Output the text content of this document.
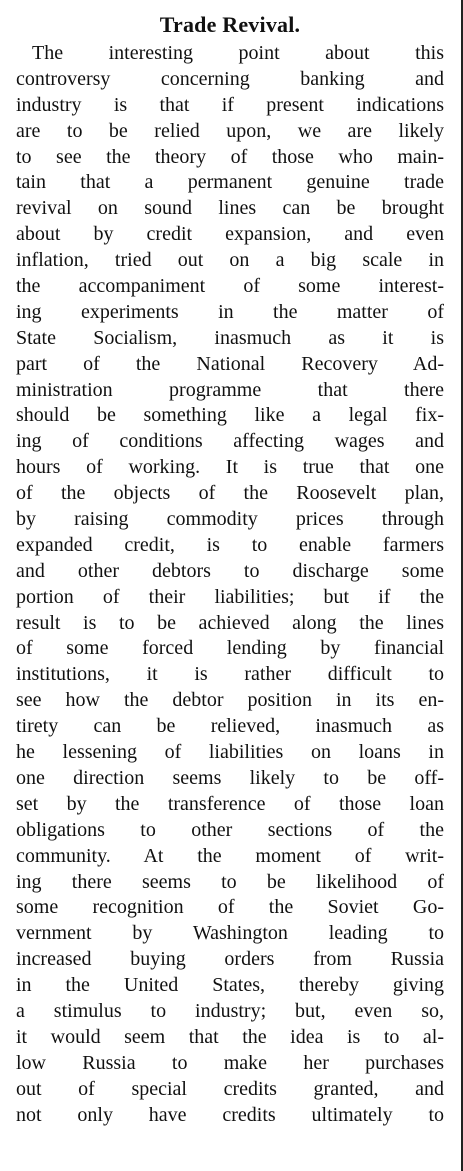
Trade Revival.
The interesting point about this
controversy concerning banking and
industry is that if present indications
are to be relied upon, we are likely
to see the theory of those who main-
tain that a permanent genuine trade
revival on sound lines can be brought
about by credit expansion, and even
inflation, tried out on a big scale in
the accompaniment of some interest-
ing experiments in the matter of
State Socialism, inasmuch as it is
part of the National Recovery Ad-
ministration programme that there
should be something like a legal fix-
ing of conditions affecting wages and
hours of working. It is true that one
of the objects of the Roosevelt plan,
by raising commodity prices through
expanded credit, is to enable farmers
and other debtors to discharge some
portion of their liabilities; but if the
result is to be achieved along the lines
of some forced lending by financial
institutions, it is rather difficult to
see how the debtor position in its en-
tirety can be relieved, inasmuch as
he lessening of liabilities on loans in
one direction seems likely to be off-
set by the transference of those loan
obligations to other sections of the
community. At the moment of writ-
ing there seems to be likelihood of
some recognition of the Soviet Go-
vernment by Washington leading to
increased buying orders from Russia
in the United States, thereby giving
a stimulus to industry; but, even so,
it would seem that the idea is to al-
low Russia to make her purchases
out of special credits granted, and
not only have credits ultimately to
